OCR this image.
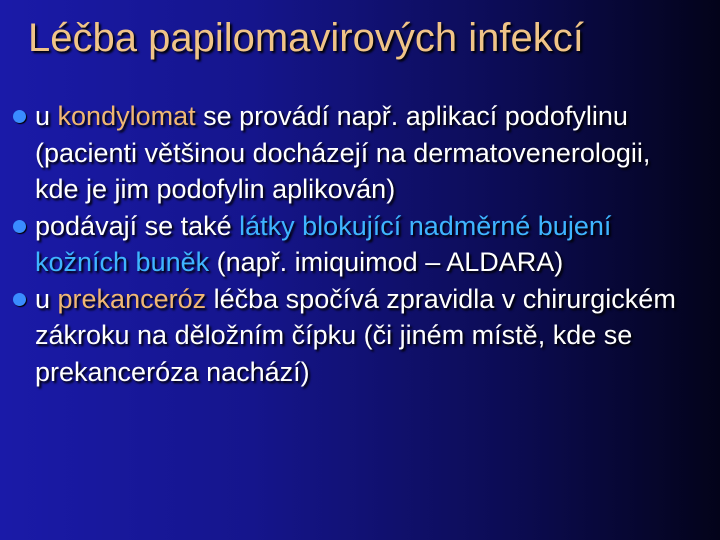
Léčba papilomavirových infekcí
u kondylomat se provádí např. aplikací podofylinu (pacienti většinou docházejí na dermatovenerologii, kde je jim podofylin aplikován)
podávají se také látky blokující nadměrné bujení kožních buněk (např. imiquimod – ALDARA)
u prekanceróz léčba spočívá zpravidla v chirurgickém zákroku na děložním čípku (či jiném místě, kde se prekanceróza nachází)
